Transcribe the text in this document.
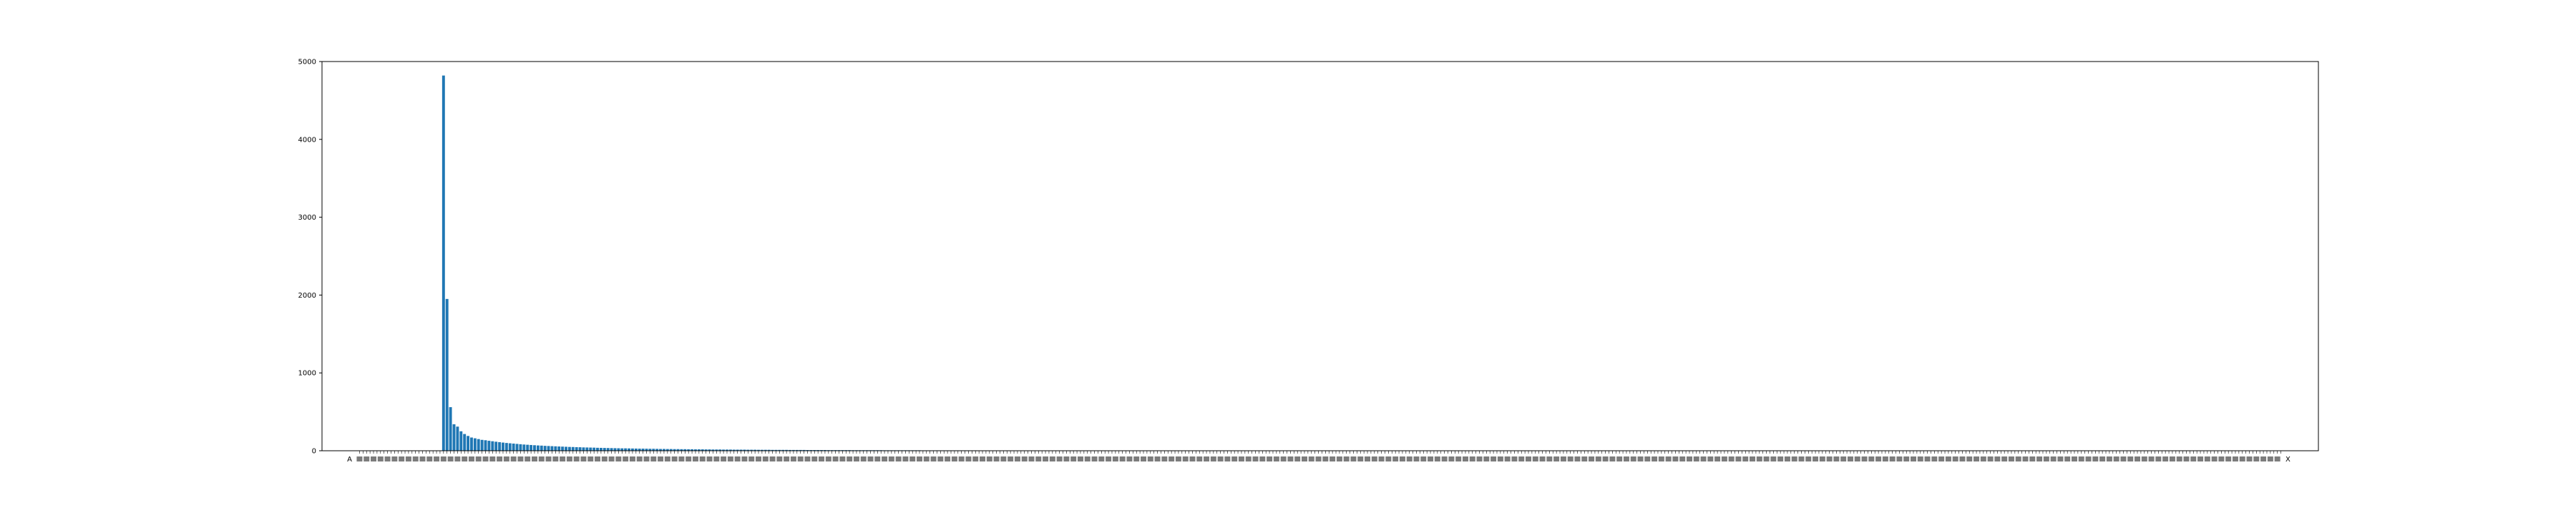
A	X
0
1000
2000
3000
4000
5000
